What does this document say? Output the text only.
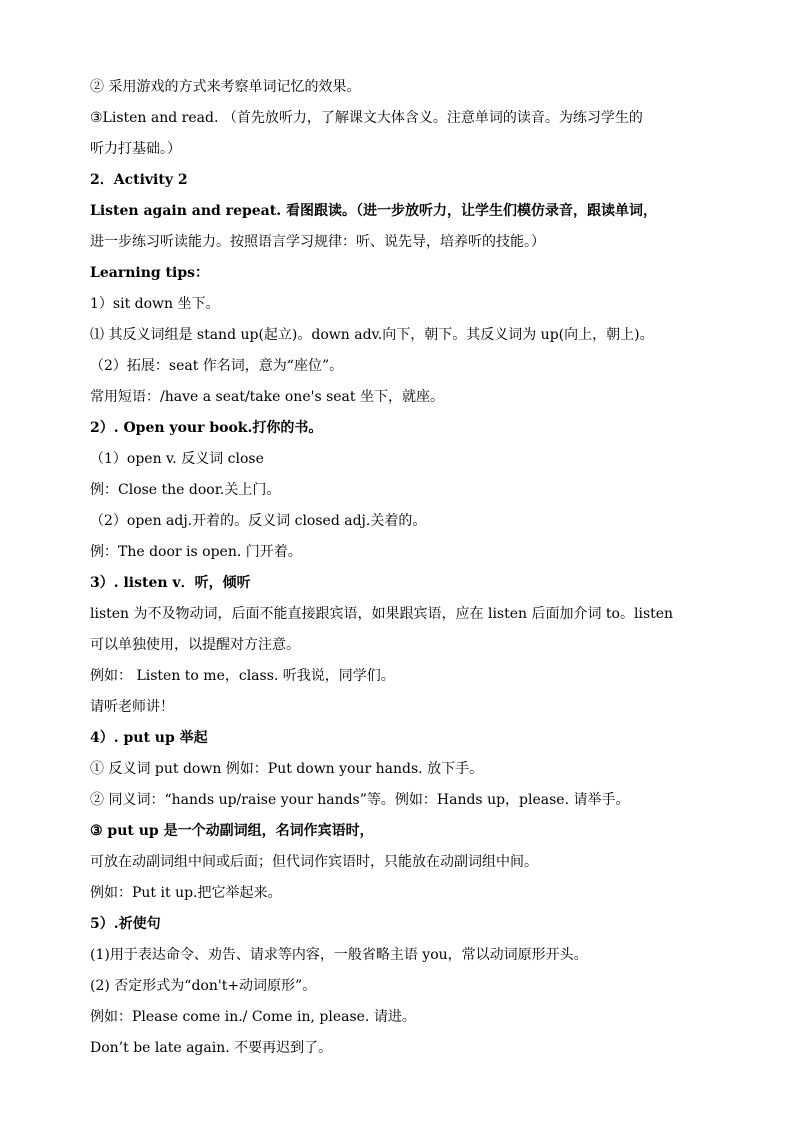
② 采用游戏的方式来考察单词记忆的效果。
③Listen and read. （首先放听力，了解课文大体含义。注意单词的读音。为练习学生的
听力打基础。）
2．Activity 2
Listen again and repeat. 看图跟读。（进一步放听力，让学生们模仿录音，跟读单词，
进一步练习听读能力。按照语言学习规律：听、说先导，培养听的技能。）
Learning tips：
1）sit down 坐下。
⑴ 其反义词组是 stand up(起立)。down adv.向下，朝下。其反义词为 up(向上，朝上)。
（2）拓展：seat 作名词，意为“座位”。
常用短语：/have a seat/take one's seat 坐下，就座。
2）. Open your book.打你的书。
（1）open v. 反义词 close
例：Close the door.关上门。
（2）open adj.开着的。反义词 closed adj.关着的。
例：The door is open. 门开着。
3）. listen v．听，倾听
listen 为不及物动词，后面不能直接跟宾语，如果跟宾语，应在 listen 后面加介词 to。listen
可以单独使用，以提醒对方注意。
例如： Listen to me，class. 听我说，同学们。
请听老师讲！
4）. put up 举起
① 反义词 put down 例如：Put down your hands. 放下手。
② 同义词：“hands up/raise your hands”等。例如：Hands up，please. 请举手。
③ put up 是一个动副词组，名词作宾语时，
可放在动副词组中间或后面；但代词作宾语时，只能放在动副词组中间。
例如：Put it up.把它举起来。
5）.祈使句
(1)用于表达命令、劝告、请求等内容，一般省略主语 you，常以动词原形开头。
(2) 否定形式为“don't+动词原形”。
例如：Please come in./ Come in, please. 请进。
Don’t be late again. 不要再迟到了。
